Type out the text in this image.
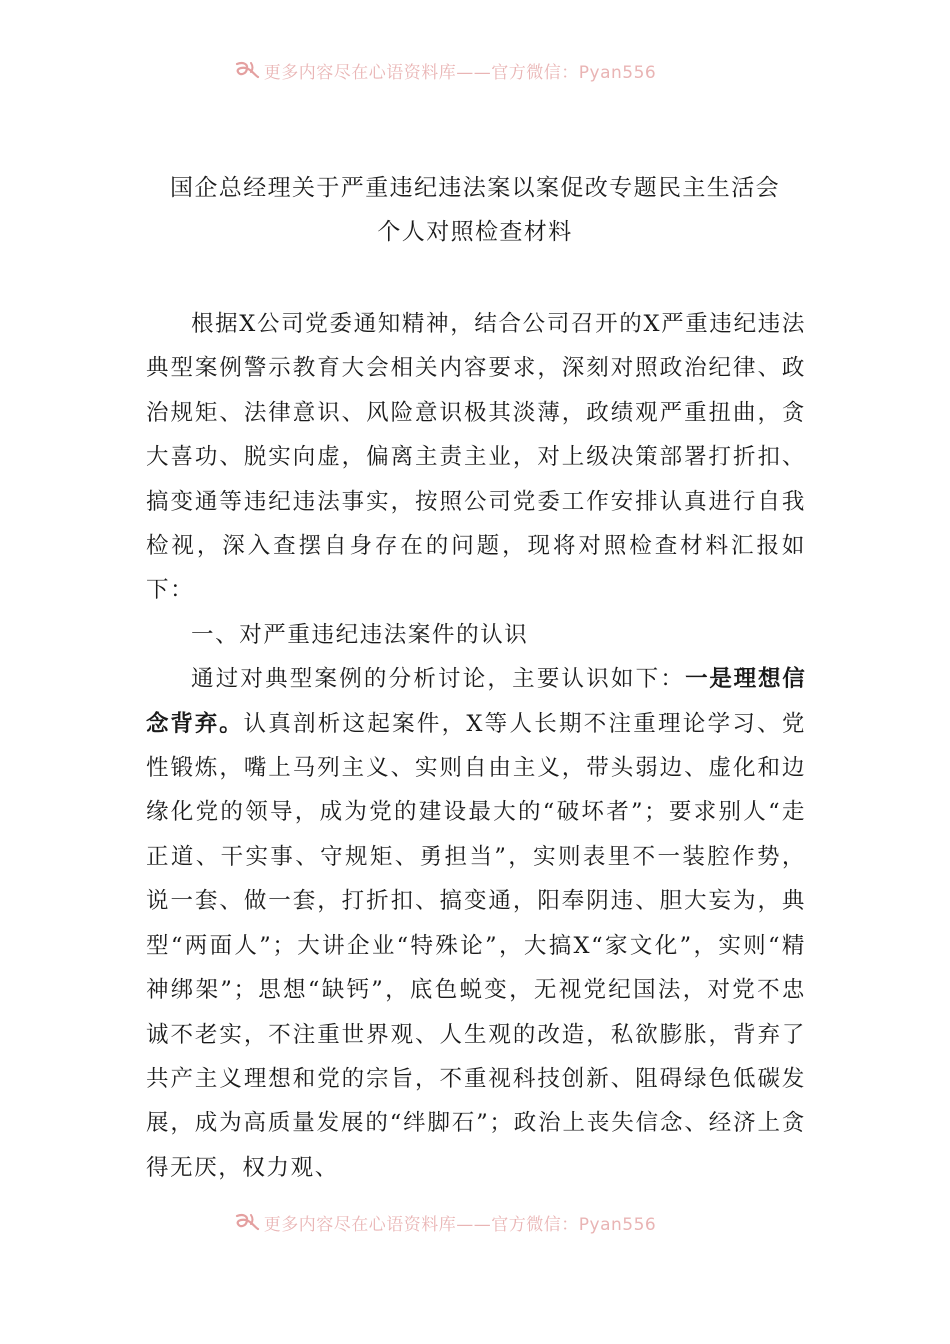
更多内容尽在心语资料库——官方微信：Pyan556
国企总经理关于严重违纪违法案以案促改专题民主生活会
个人对照检查材料

根据X公司党委通知精神，结合公司召开的X严重违纪违法典型案例警示教育大会相关内容要求，深刻对照政治纪律、政治规矩、法律意识、风险意识极其淡薄，政绩观严重扭曲，贪大喜功、脱实向虚，偏离主责主业，对上级决策部署打折扣、搞变通等违纪违法事实，按照公司党委工作安排认真进行自我检视，深入查摆自身存在的问题，现将对照检查材料汇报如下：

一、对严重违纪违法案件的认识

通过对典型案例的分析讨论，主要认识如下：一是理想信念背弃。认真剖析这起案件，X等人长期不注重理论学习、党性锻炼，嘴上马列主义、实则自由主义，带头弱边、虚化和边缘化党的领导，成为党的建设最大的“破坏者”；要求别人“走正道、干实事、守规矩、勇担当”，实则表里不一装腔作势，说一套、做一套，打折扣、搞变通，阳奉阴违、胆大妄为，典型“两面人”；大讲企业“特殊论”，大搞X“家文化”，实则“精神绑架”；思想“缺钙”，底色蜕变，无视党纪国法，对党不忠诚不老实，不注重世界观、人生观的改造，私欲膨胀，背弃了共产主义理想和党的宗旨，不重视科技创新、阻碍绿色低碳发展，成为高质量发展的“绊脚石”；政治上丧失信念、经济上贪得无厌，权力观、

更多内容尽在心语资料库——官方微信：Pyan556
